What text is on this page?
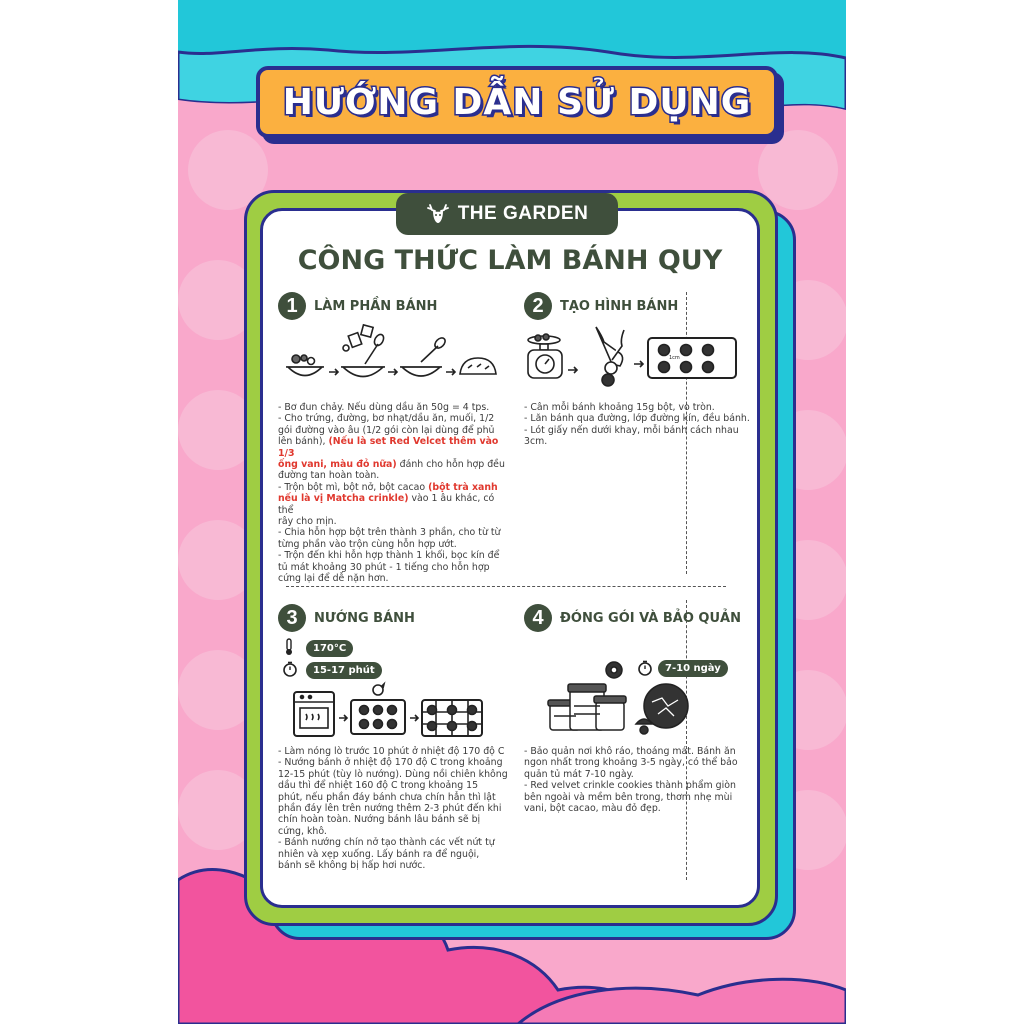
HƯỚNG DẪN SỬ DỤNG
THE GARDEN
CÔNG THỨC LÀM BÁNH QUY
1	LÀM PHẦN BÁNH
- Bơ đun chảy. Nếu dùng dầu ăn 50g = 4 tps.
- Cho trứng, đường, bơ nhạt/dầu ăn, muối, 1/2
gói đường vào âu (1/2 gói còn lại dùng để phủ
lên bánh), (Nếu là set Red Velcet thêm vào 1/3
ống vani, màu đỏ nữa) đánh cho hỗn hợp đều
đường tan hoàn toàn.
- Trộn bột mì, bột nở, bột cacao (bột trà xanh
nếu là vị Matcha crinkle) vào 1 âu khác, có thể
rây cho mịn.
- Chia hỗn hợp bột trên thành 3 phần, cho từ từ
từng phần vào trộn cùng hỗn hợp ướt.
- Trộn đến khi hỗn hợp thành 1 khối, bọc kín để
tủ mát khoảng 30 phút - 1 tiếng cho hỗn hợp
cứng lại để dễ nặn hơn.
2	TẠO HÌNH BÁNH
1cm
- Cân mỗi bánh khoảng 15g bột, vo tròn.
- Lăn bánh qua đường, lớp đường kín, đều bánh.
- Lót giấy nến dưới khay, mỗi bánh cách nhau
3cm.
3	NƯỚNG BÁNH
170°C
15-17 phút
- Làm nóng lò trước 10 phút ở nhiệt độ 170 độ C
- Nướng bánh ở nhiệt độ 170 độ C trong khoảng
12-15 phút (tùy lò nướng). Dùng nồi chiên không
dầu thì để nhiệt 160 độ C trong khoảng 15
phút, nếu phần đáy bánh chưa chín hẳn thì lật
phần đáy lên trên nướng thêm 2-3 phút đến khi
chín hoàn toàn. Nướng bánh lâu bánh sẽ bị
cứng, khô.
- Bánh nướng chín nở tạo thành các vết nứt tự
nhiên và xẹp xuống. Lấy bánh ra để nguội,
bánh sẽ không bị hấp hơi nước.
4	ĐÓNG GÓI VÀ BẢO QUẢN
7-10 ngày
- Bảo quản nơi khô ráo, thoáng mát. Bánh ăn
ngon nhất trong khoảng 3-5 ngày, có thể bảo
quản tủ mát 7-10 ngày.
- Red velvet crinkle cookies thành phẩm giòn
bên ngoài và mềm bên trong, thơm nhẹ mùi
vani, bột cacao, màu đỏ đẹp.
